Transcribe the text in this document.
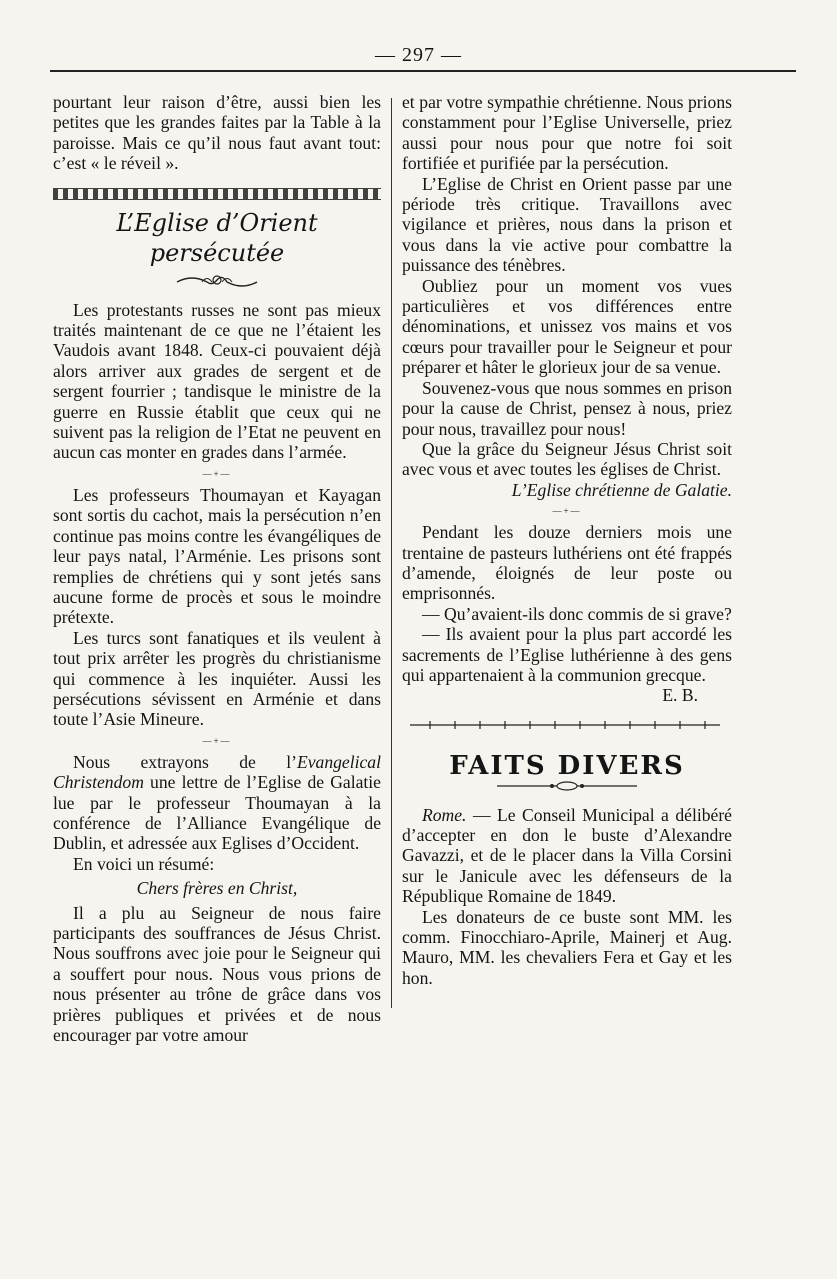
— 297 —

pourtant leur raison d’être, aussi bien les petites que les grandes faites par la Table à la paroisse. Mais ce qu’il nous faut avant tout: c’est « le réveil ».

L’Eglise d’Orient persécutée

Les protestants russes ne sont pas mieux traités maintenant de ce que ne l’étaient les Vaudois avant 1848. Ceux-ci pouvaient déjà alors arriver aux grades de sergent et de sergent fourrier ; tandisque le ministre de la guerre en Russie établit que ceux qui ne suivent pas la religion de l’Etat ne peuvent en aucun cas monter en grades dans l’armée.

—+—

Les professeurs Thoumayan et Kayagan sont sortis du cachot, mais la persécution n’en continue pas moins contre les évangéliques de leur pays natal, l’Arménie. Les prisons sont remplies de chrétiens qui y sont jetés sans aucune forme de procès et sous le moindre prétexte.

Les turcs sont fanatiques et ils veulent à tout prix arrêter les progrès du christianisme qui commence à les inquiéter. Aussi les persécutions sévissent en Arménie et dans toute l’Asie Mineure.

—+—

Nous extrayons de l’Evangelical Christendom une lettre de l’Eglise de Galatie lue par le professeur Thoumayan à la conférence de l’Alliance Evangélique de Dublin, et adressée aux Eglises d’Occident.

En voici un résumé:

Chers frères en Christ,

Il a plu au Seigneur de nous faire participants des souffrances de Jésus Christ. Nous souffrons avec joie pour le Seigneur qui a souffert pour nous. Nous vous prions de nous présenter au trône de grâce dans vos prières publiques et privées et de nous encourager par votre amour

et par votre sympathie chrétienne. Nous prions constamment pour l’Eglise Universelle, priez aussi pour nous pour que notre foi soit fortifiée et purifiée par la persécution.

L’Eglise de Christ en Orient passe par une période très critique. Travaillons avec vigilance et prières, nous dans la prison et vous dans la vie active pour combattre la puissance des ténèbres.

Oubliez pour un moment vos vues particulières et vos différences entre dénominations, et unissez vos mains et vos cœurs pour travailler pour le Seigneur et pour préparer et hâter le glorieux jour de sa venue.

Souvenez-vous que nous sommes en prison pour la cause de Christ, pensez à nous, priez pour nous, travaillez pour nous!

Que la grâce du Seigneur Jésus Christ soit avec vous et avec toutes les églises de Christ.

L’Eglise chrétienne de Galatie.
—+—

Pendant les douze derniers mois une trentaine de pasteurs luthériens ont été frappés d’amende, éloignés de leur poste ou emprisonnés.

— Qu’avaient-ils donc commis de si grave?

— Ils avaient pour la plus part accordé les sacrements de l’Eglise luthérienne à des gens qui appartenaient à la communion grecque.

E. B.
FAITS DIVERS

Rome. — Le Conseil Municipal a délibéré d’accepter en don le buste d’Alexandre Gavazzi, et de le placer dans la Villa Corsini sur le Janicule avec les défenseurs de la République Romaine de 1849.

Les donateurs de ce buste sont MM. les comm. Finocchiaro-Aprile, Mainerj et Aug. Mauro, MM. les chevaliers Fera et Gay et les hon.
